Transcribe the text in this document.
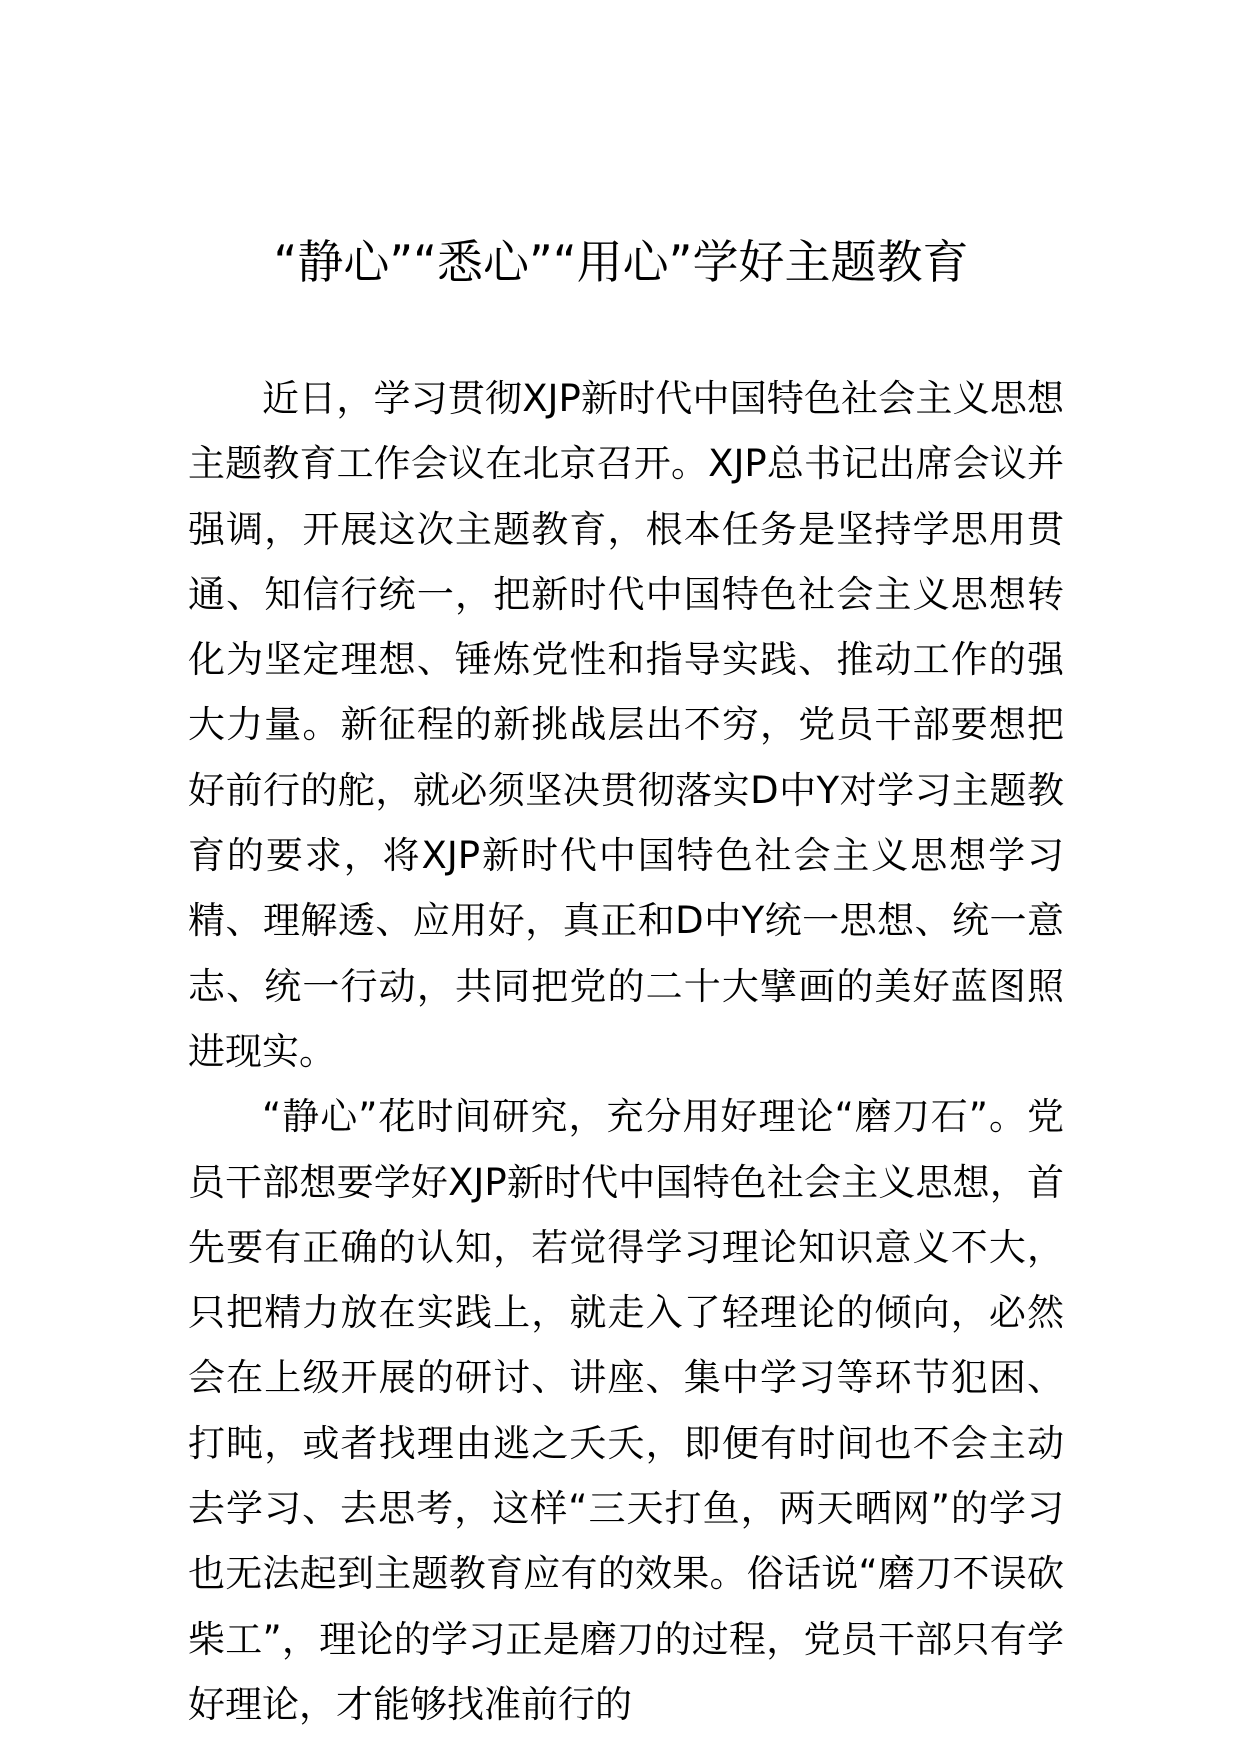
“静心”“悉心”“用心”学好主题教育

近日，学习贯彻XJP新时代中国特色社会主义思想主题教育工作会议在北京召开。XJP总书记出席会议并强调，开展这次主题教育，根本任务是坚持学思用贯通、知信行统一，把新时代中国特色社会主义思想转化为坚定理想、锤炼党性和指导实践、推动工作的强大力量。新征程的新挑战层出不穷，党员干部要想把好前行的舵，就必须坚决贯彻落实D中Y对学习主题教育的要求，将XJP新时代中国特色社会主义思想学习精、理解透、应用好，真正和D中Y统一思想、统一意志、统一行动，共同把党的二十大擘画的美好蓝图照进现实。

“静心”花时间研究，充分用好理论“磨刀石”。党员干部想要学好XJP新时代中国特色社会主义思想，首先要有正确的认知，若觉得学习理论知识意义不大，只把精力放在实践上，就走入了轻理论的倾向，必然会在上级开展的研讨、讲座、集中学习等环节犯困、打盹，或者找理由逃之夭夭，即便有时间也不会主动去学习、去思考，这样“三天打鱼，两天晒网”的学习也无法起到主题教育应有的效果。俗话说“磨刀不误砍柴工”，理论的学习正是磨刀的过程，党员干部只有学好理论，才能够找准前行的
